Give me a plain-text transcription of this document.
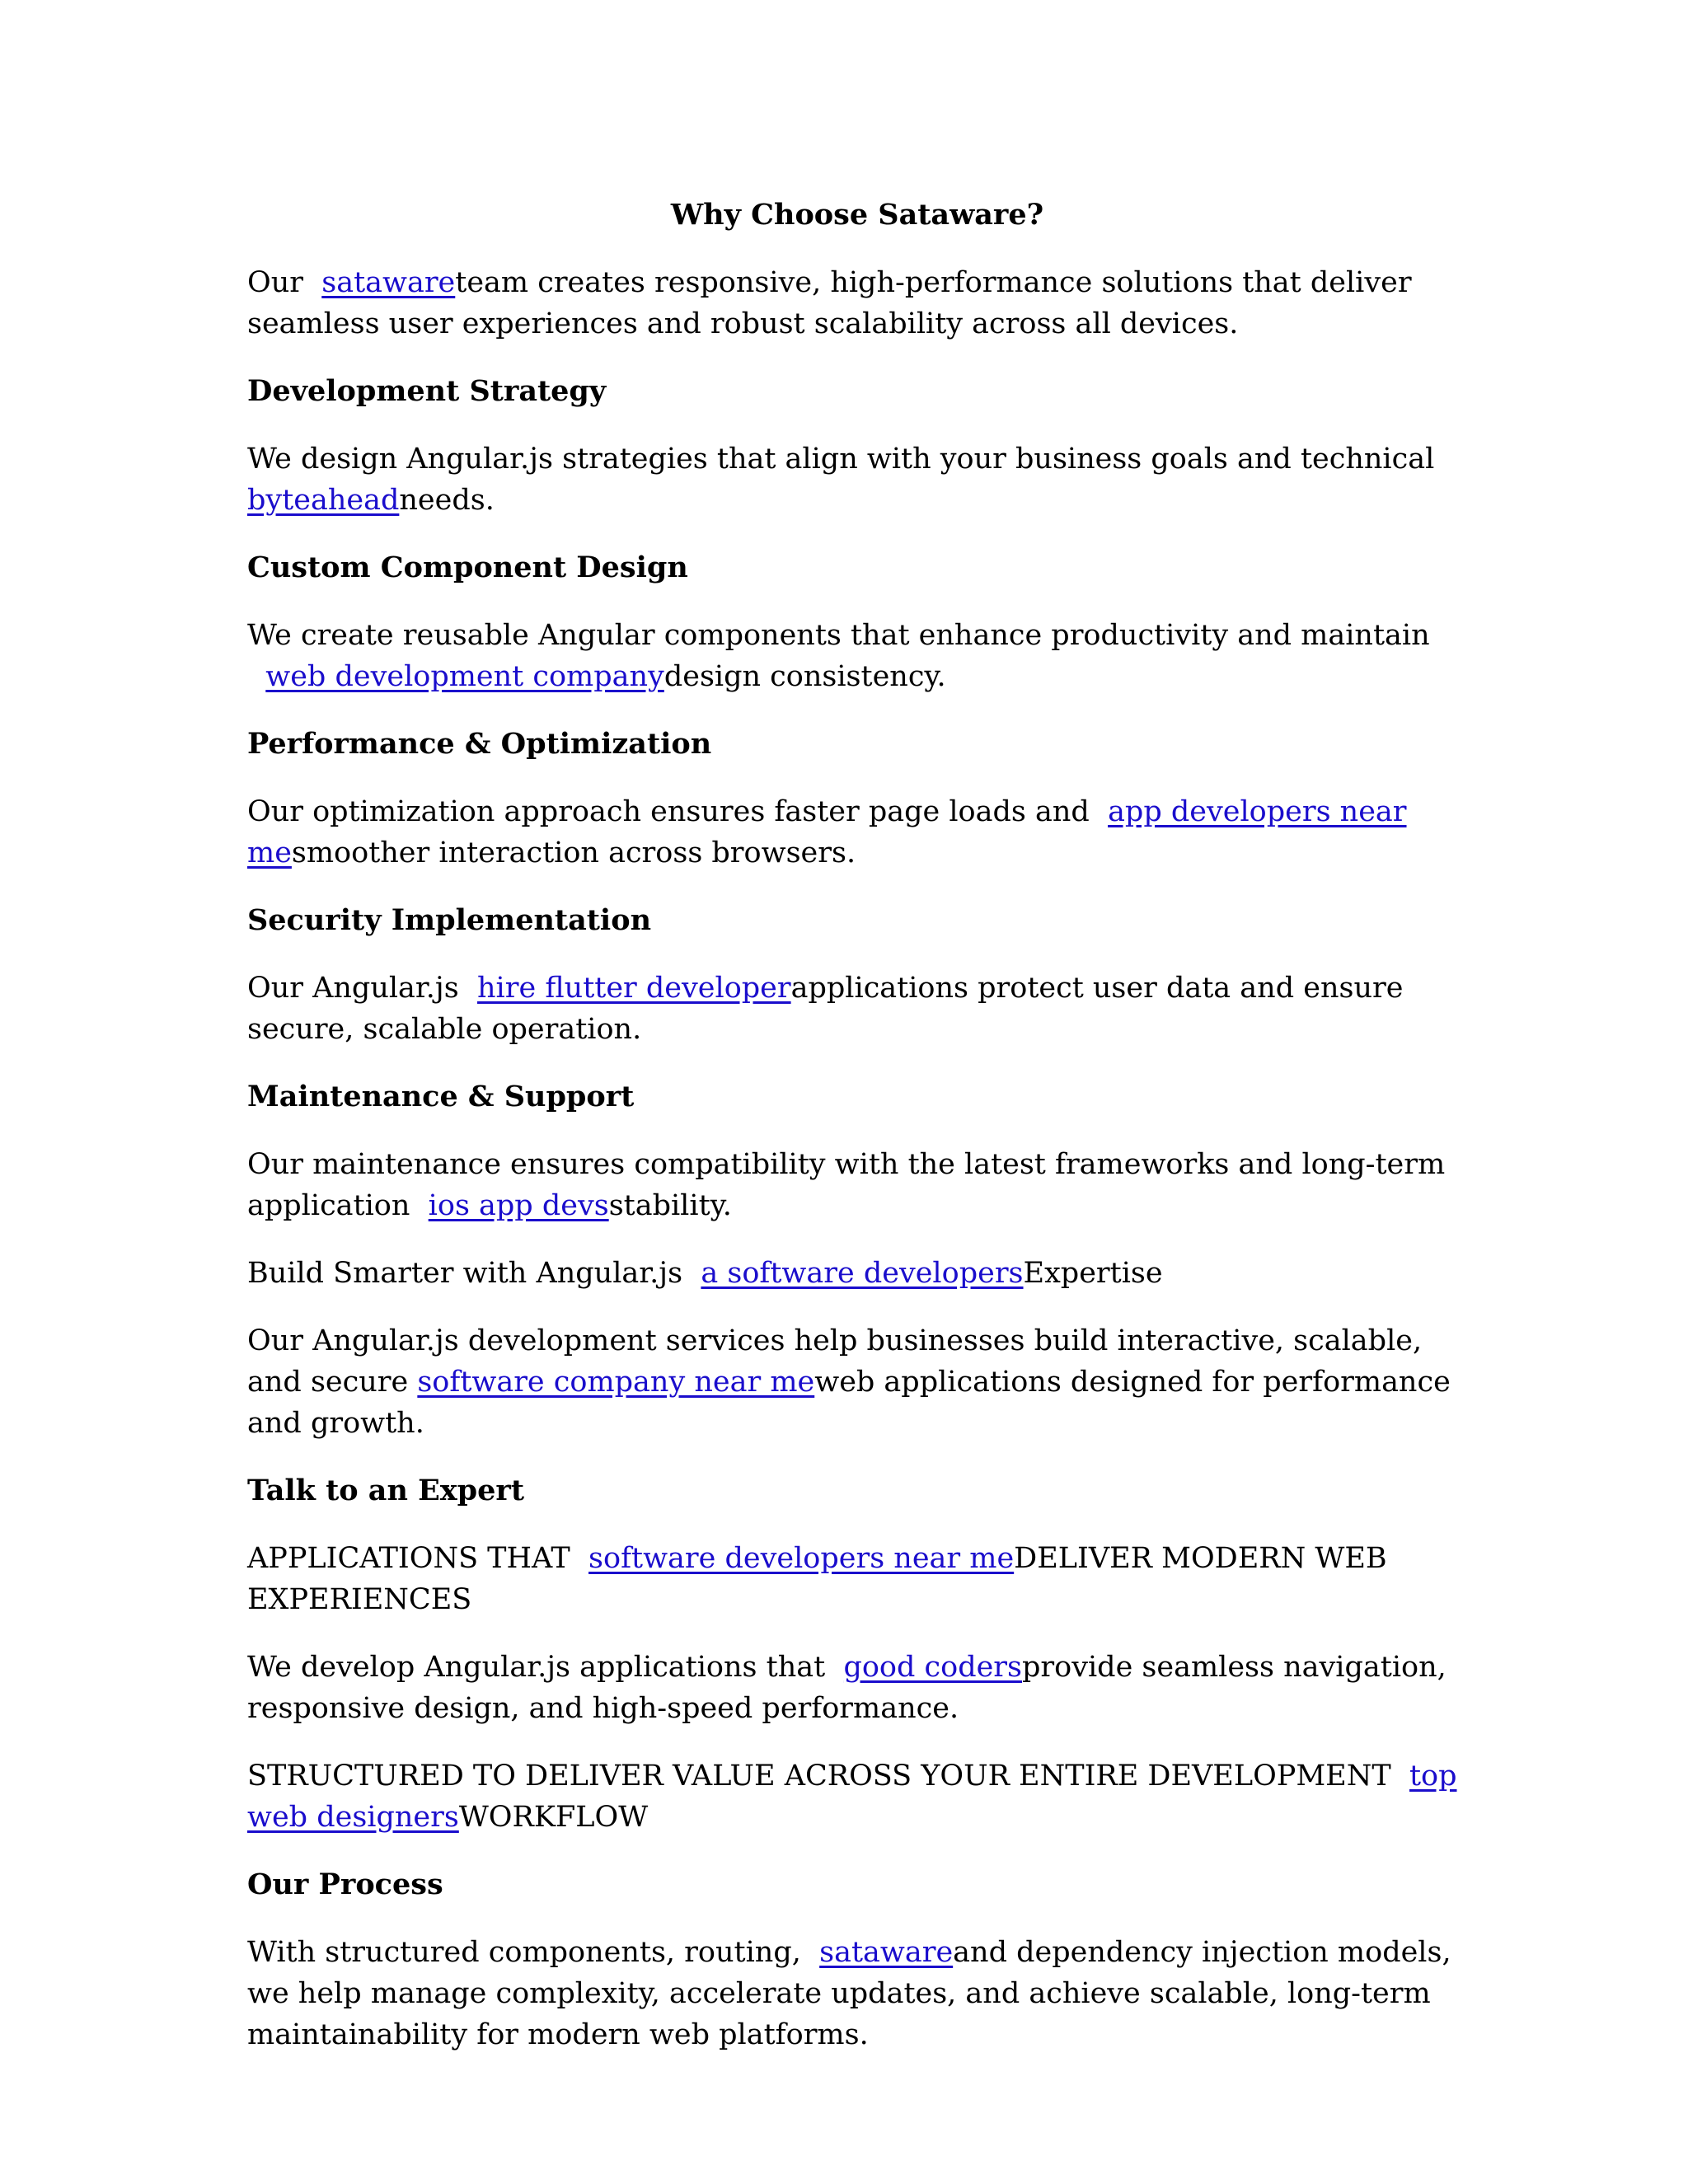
Why Choose Sataware?
Our satawareteam creates responsive, high-performance solutions that deliver seamless user experiences and robust scalability across all devices.
Development Strategy
We design Angular.js strategies that align with your business goals and technical byteaheadneeds.
Custom Component Design
We create reusable Angular components that enhance productivity and maintain  web development companydesign consistency.
Performance & Optimization
Our optimization approach ensures faster page loads and app developers near mesmoother interaction across browsers.
Security Implementation
Our Angular.js hire flutter developerapplications protect user data and ensure secure, scalable operation.
Maintenance & Support
Our maintenance ensures compatibility with the latest frameworks and long-term application ios app devsstability.
Build Smarter with Angular.js a software developersExpertise
Our Angular.js development services help businesses build interactive, scalable, and secure software company near meweb applications designed for performance and growth.
Talk to an Expert
APPLICATIONS THAT software developers near meDELIVER MODERN WEB EXPERIENCES
We develop Angular.js applications that good codersprovide seamless navigation, responsive design, and high-speed performance.
STRUCTURED TO DELIVER VALUE ACROSS YOUR ENTIRE DEVELOPMENT top web designersWORKFLOW
Our Process
With structured components, routing, satawareand dependency injection models, we help manage complexity, accelerate updates, and achieve scalable, long-term maintainability for modern web platforms.
